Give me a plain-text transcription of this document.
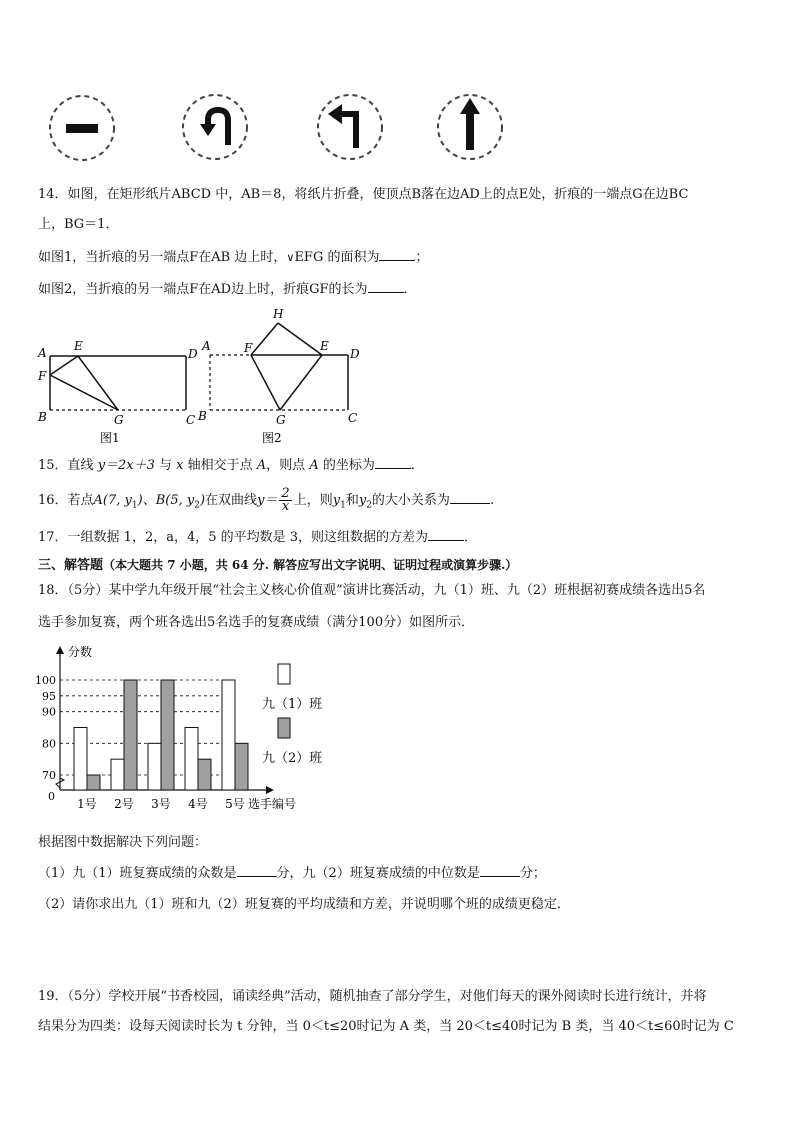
14．如图，在矩形纸片ABCD 中，AB＝8，将纸片折叠，使顶点B落在边AD上的点E处，折痕的一端点G在边BC
上，BG＝1．
如图1，当折痕的另一端点F在AB 边上时，∨EFG 的面积为	；
如图2，当折痕的另一端点F在AD边上时，折痕GF的长为	．
A E
D
F
B	G	C
图1
A	F
H
E
D
B	G	C
图2
15．直线 y＝2x＋3 与 x 轴相交于点 A，则点 A 的坐标为	．
16．若点A(7, $y_1$)、B(5, $y_2$)在双曲线$y= \frac{2}{x}$ 上，则$y_1$和$y_2$的大小关系为	.
17．一组数据 1，2，a，4，5 的平均数是 3，则这组数据的方差为	．
三、解答题（本大题共 7 小题，共 64 分. 解答应写出文字说明、证明过程或演算步骤.）
18．（5分）某中学九年级开展“社会主义核心价值观”演讲比赛活动，九（1）班、九（2）班根据初赛成绩各选出5名
选手参加复赛，两个班各选出5名选手的复赛成绩（满分100分）如图所示．
分数
选手编号
0
70
80
90
95
100
1号 2号 3号 4号 5号
九（1）班
九（2）班
根据图中数据解决下列问题：
（1）九（1）班复赛成绩的众数是	分，九（2）班复赛成绩的中位数是	分；
（2）请你求出九（1）班和九（2）班复赛的平均成绩和方差，并说明哪个班的成绩更稳定．
19．（5分）学校开展“书香校园，诵读经典”活动，随机抽查了部分学生，对他们每天的课外阅读时长进行统计，并将
结果分为四类：设每天阅读时长为 t 分钟，当 0＜t≤20时记为 A 类，当 20＜t≤40时记为 B 类，当 40＜t≤60时记为 C
